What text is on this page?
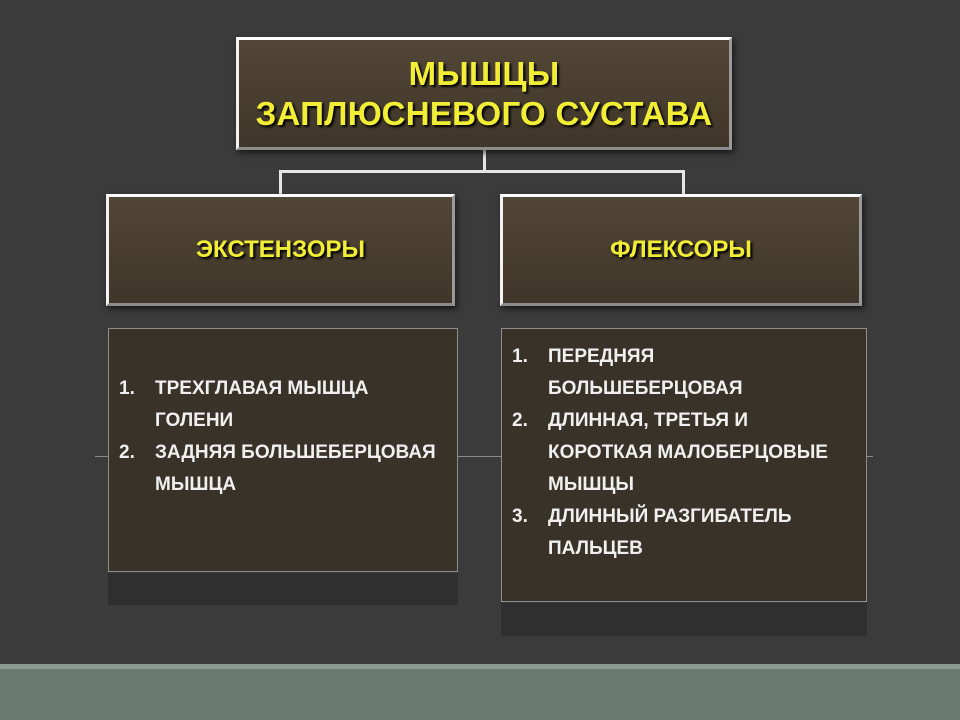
МЫШЦЫ
ЗАПЛЮСНЕВОГО СУСТАВА
ЭКСТЕНЗОРЫ	ФЛЕКСОРЫ
1.	ТРЕХГЛАВАЯ МЫШЦА ГОЛЕНИ
2.	ЗАДНЯЯ БОЛЬШЕБЕРЦОВАЯ МЫШЦА
1.	ПЕРЕДНЯЯ БОЛЬШЕБЕРЦОВАЯ
2.	ДЛИННАЯ, ТРЕТЬЯ И КОРОТКАЯ МАЛОБЕРЦОВЫЕ МЫШЦЫ
3.	ДЛИННЫЙ РАЗГИБАТЕЛЬ ПАЛЬЦЕВ
